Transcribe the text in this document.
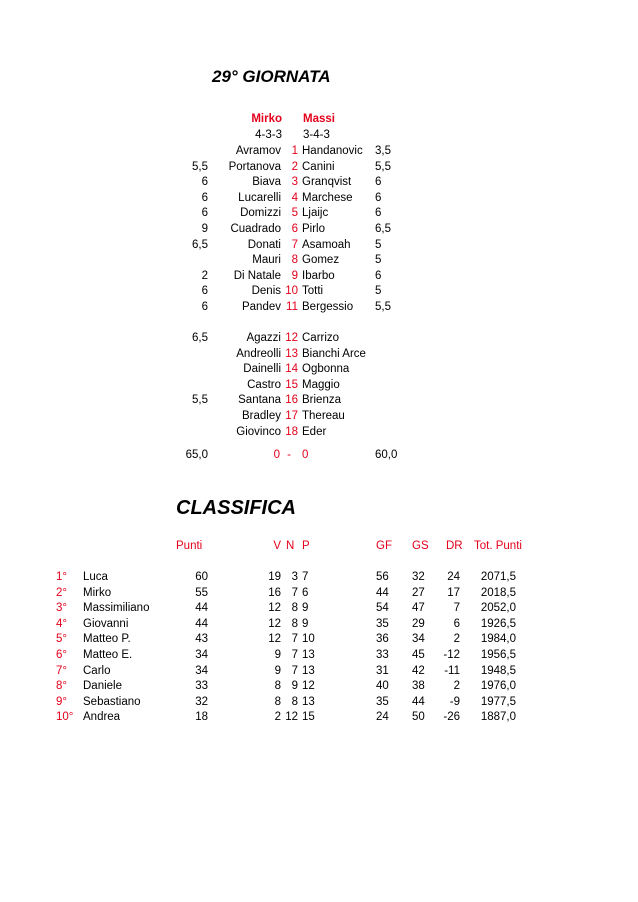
29° GIORNATA
Mirko Massi
4-3-3 3-4-3
Avramov 1 Handanovic 3,5
5,5	Portanova 2 Canini	5,5
6	Biava 3 Granqvist 6
6	Lucarelli 4 Marchese 6
6	Domizzi 5 Ljaijc	6
9	Cuadrado 6 Pirlo	6,5
6,5	Donati 7 Asamoah 5
Mauri 8 Gomez	5
2	Di Natale 9 Ibarbo	6
6	Denis 10 Totti	5
6	Pandev 11 Bergessio 5,5
6,5	Agazzi 12 Carrizo
Andreolli 13 Bianchi Arce
Dainelli 14 Ogbonna
Castro 15 Maggio
5,5	Santana 16 Brienza
Bradley 17 Thereau
Giovinco 18 Eder
65,0	0 - 0	60,0
CLASSIFICA
Punti	V N P	GF GS DR Tot. Punti
1° Luca	60	19 3 7	56 32	24	2071,5
2° Mirko	55	16 7 6	44 27	17	2018,5
3° Massimiliano	44	12 8 9	54 47	7	2052,0
4° Giovanni	44	12 8 9	35 29	6	1926,5
5° Matteo P.	43	12 7 10	36 34	2	1984,0
6° Matteo E.	34	9 7 13	33 45	-12	1956,5
7° Carlo	34	9 7 13	31 42	-11	1948,5
8° Daniele	33	8 9 12	40 38	2	1976,0
9° Sebastiano	32	8 8 13	35 44	-9	1977,5
10° Andrea	18	2 12 15	24 50	-26	1887,0
